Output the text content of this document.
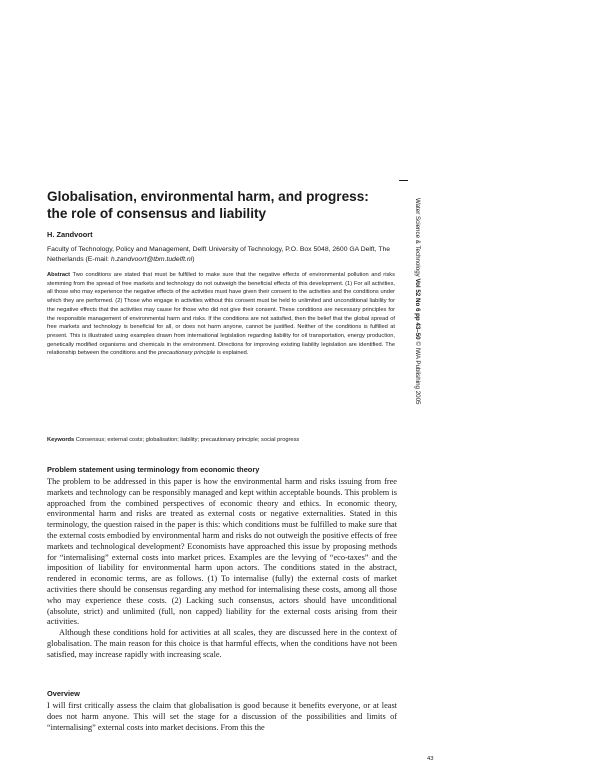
Globalisation, environmental harm, and progress: the role of consensus and liability
H. Zandvoort
Faculty of Technology, Policy and Management, Delft University of Technology, P.O. Box 5048, 2600 GA Delft, The Netherlands (E-mail: h.zandvoort@tbm.tudelft.nl)

Abstract Two conditions are stated that must be fulfilled to make sure that the negative effects of environmental pollution and risks stemming from the spread of free markets and technology do not outweigh the beneficial effects of this development. (1) For all activities, all those who may experience the negative effects of the activities must have given their consent to the activities and the conditions under which they are performed. (2) Those who engage in activities without this consent must be held to unlimited and unconditional liability for the negative effects that the activities may cause for those who did not give their consent. These conditions are necessary principles for the responsible management of environmental harm and risks. If the conditions are not satisfied, then the belief that the global spread of free markets and technology is beneficial for all, or does not harm anyone, cannot be justified. Neither of the conditions is fulfilled at present. This is illustrated using examples drawn from international legislation regarding liability for oil transportation, energy production, genetically modified organisms and chemicals in the environment. Directions for improving existing liability legislation are identified. The relationship between the conditions and the precautionary principle is explained.

Keywords Consensus; external costs; globalisation; liability; precautionary principle; social progress

Problem statement using terminology from economic theory

The problem to be addressed in this paper is how the environmental harm and risks issuing from free markets and technology can be responsibly managed and kept within acceptable bounds. This problem is approached from the combined perspectives of economic theory and ethics. In economic theory, environmental harm and risks are treated as external costs or negative externalities. Stated in this terminology, the question raised in the paper is this: which conditions must be fulfilled to make sure that the external costs embodied by environmental harm and risks do not outweigh the positive effects of free markets and technological development? Economists have approached this issue by proposing methods for “internalising” external costs into market prices. Examples are the levying of “eco-taxes” and the imposition of liability for environmental harm upon actors. The conditions stated in the abstract, rendered in economic terms, are as follows. (1) To internalise (fully) the external costs of market activities there should be consensus regarding any method for internalising these costs, among all those who may experience these costs. (2) Lacking such consensus, actors should have unconditional (absolute, strict) and unlimited (full, non capped) liability for the external costs arising from their activities.

Although these conditions hold for activities at all scales, they are discussed here in the context of globalisation. The main reason for this choice is that harmful effects, when the conditions have not been satisfied, may increase rapidly with increasing scale.

Overview

I will first critically assess the claim that globalisation is good because it benefits everyone, or at least does not harm anyone. This will set the stage for a discussion of the possibilities and limits of “internalising” external costs into market decisions. From this the

Water Science & Technology Vol 52 No 6 pp 43–50 © IWA Publishing 2005
43
